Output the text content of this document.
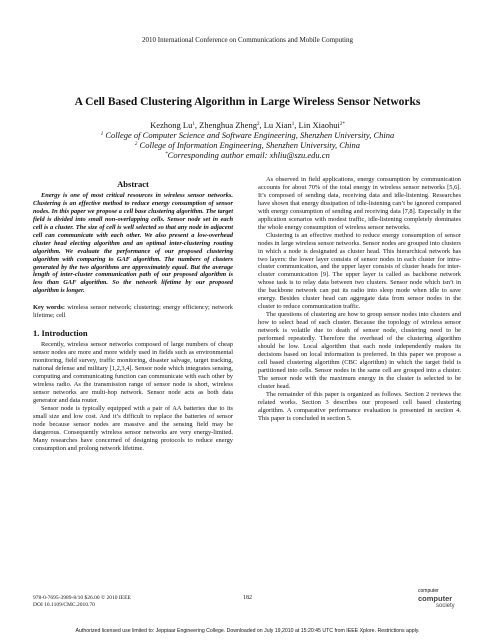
2010 International Conference on Communications and Mobile Computing
A Cell Based Clustering Algorithm in Large Wireless Sensor Networks
Kezhong Lu$^1$, Zhenghua Zheng$^2$, Lu Xian$^1$, Lin Xiaohui$^{2*}$
$^1$ College of Computer Science and Software Engineering, Shenzhen University, China
$^2$ College of Information Engineering, Shenzhen University, China
*Corresponding author email: xhliu@szu.edu.cn
Abstract

Energy is one of most critical resources in wireless sensor networks. Clustering is an effective method to reduce energy consumption of sensor nodes. In this paper we propose a cell base clustering algorithm. The target field is divided into small non-overlapping cells. Sensor node set in each cell is a cluster. The size of cell is well selected so that any node in adjacent cell can communicate with each other. We also present a low-overhead cluster head electing algorithm and an optimal inter-clustering routing algorithm. We evaluate the performance of our proposed clustering algorithm with comparing to GAF algorithm. The numbers of clusters generated by the two algorithms are approximately equal. But the average length of inter-cluster communication path of our proposed algorithm is less than GAF algorithm. So the network lifetime by our proposed algorithm is longer.

Key words: wireless sensor network; clustering; energy efficiency; network lifetime; cell

1. Introduction

Recently, wireless sensor networks composed of large numbers of cheap sensor nodes are more and more widely used in fields such as environmental monitoring, field survey, traffic monitoring, disaster salvage, target tracking, national defense and military [1,2,3,4]. Sensor node which integrates sensing, computing and communicating function can communicate with each other by wireless radio. As the transmission range of sensor node is short, wireless sensor networks are multi-hop network. Sensor node acts as both data generator and data router.

Sensor node is typically equipped with a pair of AA batteries due to its small size and low cost. And it’s difficult to replace the batteries of sensor node because sensor nodes are massive and the sensing field may be dangerous. Consequently wireless sensor networks are very energy-limited. Many researches have concerned of designing protocols to reduce energy consumption and prolong network lifetime.

As observed in field applications, energy consumption by communication accounts for about 70% of the total energy in wireless sensor networks [5,6]. It’s composed of sending data, receiving data and idle-listening. Researches have shown that energy dissipation of idle-listening can’t be ignored compared with energy consumption of sending and receiving data [7,8]. Especially in the application scenarios with modest traffic, idle-listening completely dominates the whole energy consumption of wireless sensor networks.

Clustering is an effective method to reduce energy consumption of sensor nodes in large wireless sensor networks. Sensor nodes are grouped into clusters in which a node is designated as cluster head. This hierarchical network has two layers: the lower layer consists of sensor nodes in each cluster for intra-cluster communication, and the upper layer consists of cluster heads for inter-cluster communication [9]. The upper layer is called as backbone network whose task is to relay data between two clusters. Sensor node which isn’t in the backbone network can put its radio into sleep mode when idle to save energy. Besides cluster head can aggregate data from sensor nodes in the cluster to reduce communication traffic.

The questions of clustering are how to group sensor nodes into clusters and how to select head of each cluster. Because the topology of wireless sensor network is volatile due to death of sensor node, clustering need to be performed repeatedly. Therefore the overhead of the clustering algorithm should be low. Local algorithm that each node independently makes its decisions based on local information is preferred. In this paper we propose a cell based clustering algorithm (CBC algorithm) in which the target field is partitioned into cells. Sensor nodes in the same cell are grouped into a cluster. The sensor node with the maximum energy in the cluster is selected to be cluster head.

The remainder of this paper is organized as follows. Section 2 reviews the related works. Section 3 describes our proposed cell based clustering algorithm. A comparative performance evaluation is presented in section 4. This paper is concluded in section 5.

978-0-7695-3989-8/10 $26.00 © 2010 IEEE
DOI 10.1109/CMC.2010.70
182
computer
computer
society
Authorized licensed use limited to: Jeppiaar Engineering College. Downloaded on July 19,2010 at 15:20:45 UTC from IEEE Xplore. Restrictions apply.
